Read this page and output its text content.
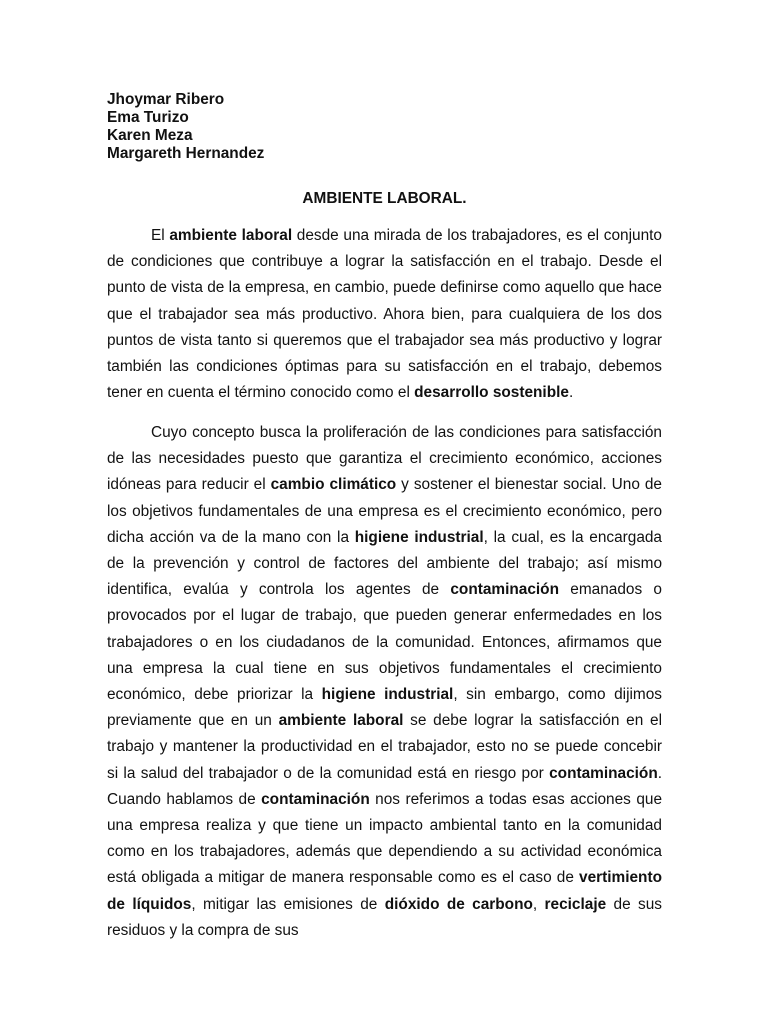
Jhoymar Ribero
Ema Turizo
Karen Meza
Margareth Hernandez
AMBIENTE LABORAL.

El ambiente laboral desde una mirada de los trabajadores, es el conjunto de condiciones que contribuye a lograr la satisfacción en el trabajo. Desde el punto de vista de la empresa, en cambio, puede definirse como aquello que hace que el trabajador sea más productivo. Ahora bien, para cualquiera de los dos puntos de vista tanto si queremos que el trabajador sea más productivo y lograr también las condiciones óptimas para su satisfacción en el trabajo, debemos tener en cuenta el término conocido como el desarrollo sostenible.

Cuyo concepto busca la proliferación de las condiciones para satisfacción de las necesidades puesto que garantiza el crecimiento económico, acciones idóneas para reducir el cambio climático y sostener el bienestar social. Uno de los objetivos fundamentales de una empresa es el crecimiento económico, pero dicha acción va de la mano con la higiene industrial, la cual, es la encargada de la prevención y control de factores del ambiente del trabajo; así mismo identifica, evalúa y controla los agentes de contaminación emanados o provocados por el lugar de trabajo, que pueden generar enfermedades en los trabajadores o en los ciudadanos de la comunidad. Entonces, afirmamos que una empresa la cual tiene en sus objetivos fundamentales el crecimiento económico, debe priorizar la higiene industrial, sin embargo, como dijimos previamente que en un ambiente laboral se debe lograr la satisfacción en el trabajo y mantener la productividad en el trabajador, esto no se puede concebir si la salud del trabajador o de la comunidad está en riesgo por contaminación. Cuando hablamos de contaminación nos referimos a todas esas acciones que una empresa realiza y que tiene un impacto ambiental tanto en la comunidad como en los trabajadores, además que dependiendo a su actividad económica está obligada a mitigar de manera responsable como es el caso de vertimiento de líquidos, mitigar las emisiones de dióxido de carbono, reciclaje de sus residuos y la compra de sus
